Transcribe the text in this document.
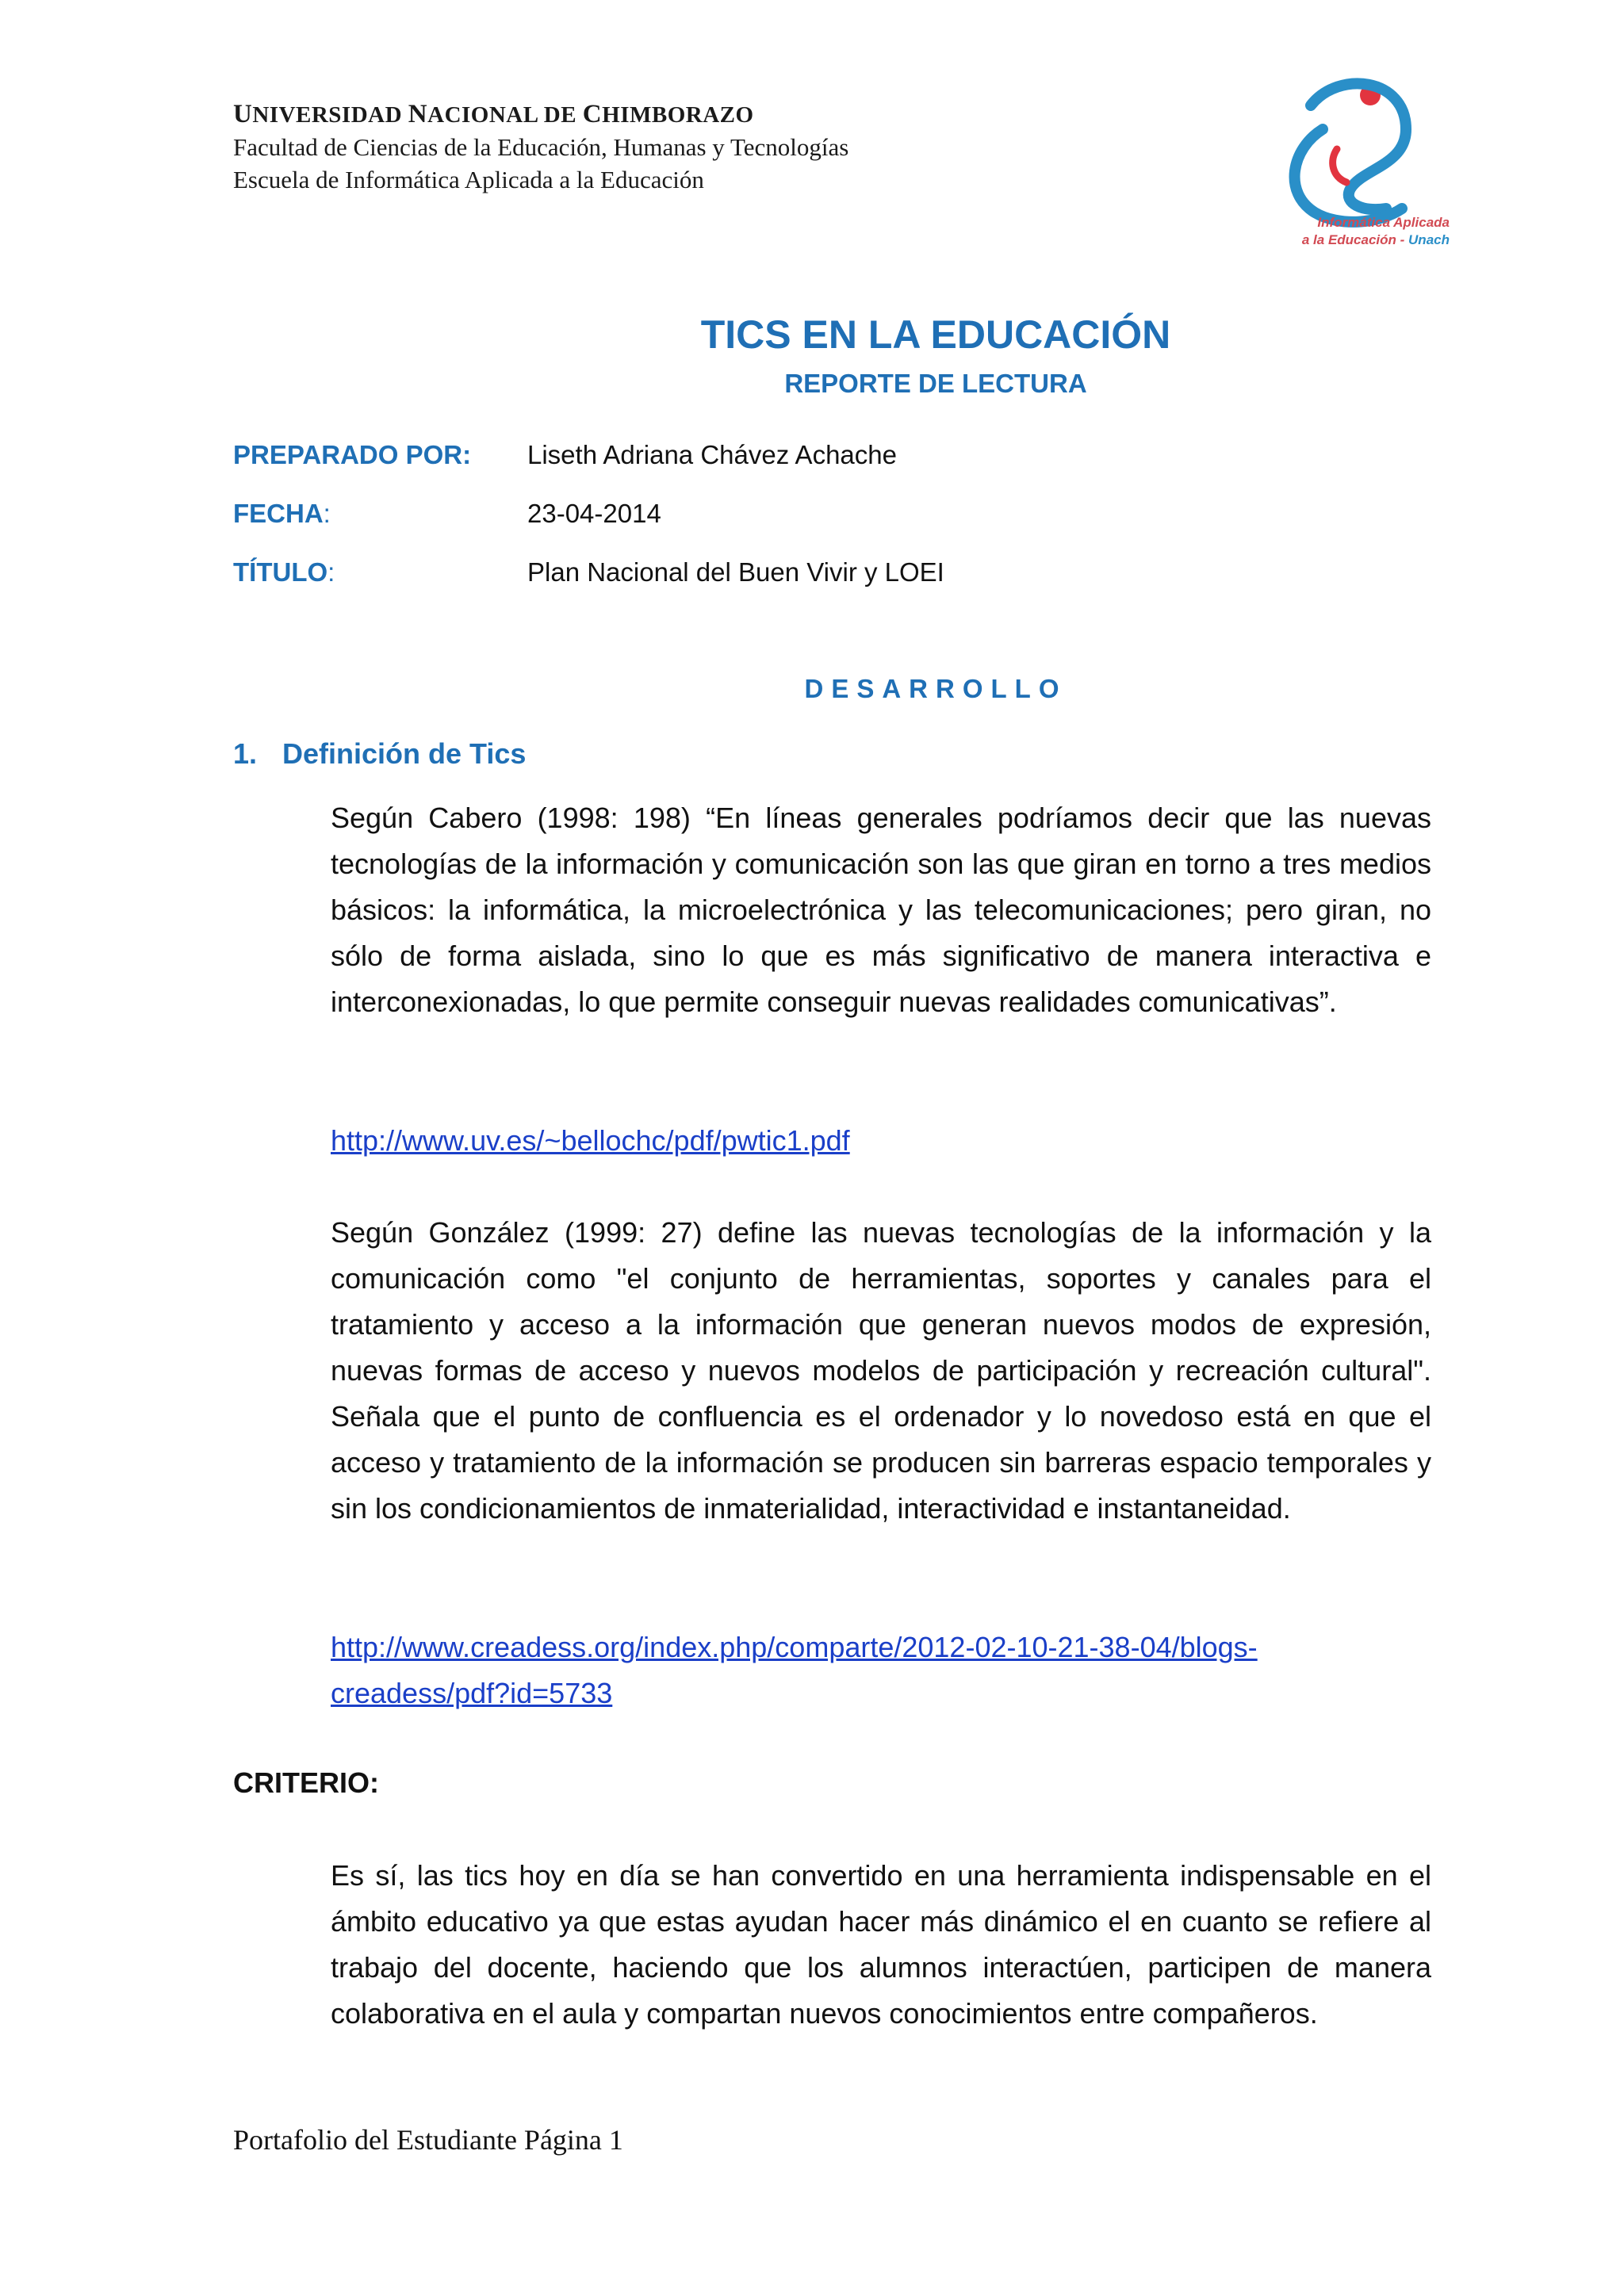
UNIVERSIDAD NACIONAL DE CHIMBORAZO
Facultad de Ciencias de la Educación, Humanas y Tecnologías
Escuela de Informática Aplicada a la Educación
Informática Aplicada
a la Educación - Unach
TICS EN LA EDUCACIÓN
REPORTE DE LECTURA
PREPARADO POR: Liseth Adriana Chávez Achache
FECHA:	23-04-2014
TÍTULO:	Plan Nacional del Buen Vivir y LOEI
DESARROLLO
1. Definición de Tics
Según Cabero (1998: 198) “En líneas generales podríamos decir que las nuevas tecnologías de la información y comunicación son las que giran en torno a tres medios básicos: la informática, la microelectrónica y las telecomunicaciones; pero giran, no sólo de forma aislada, sino lo que es más significativo de manera interactiva e interconexionadas, lo que permite conseguir nuevas realidades comunicativas”.
http://www.uv.es/~bellochc/pdf/pwtic1.pdf
Según González (1999: 27) define las nuevas tecnologías de la información y la comunicación como "el conjunto de herramientas, soportes y canales para el tratamiento y acceso a la información que generan nuevos modos de expresión, nuevas formas de acceso y nuevos modelos de participación y recreación cultural". Señala que el punto de confluencia es el ordenador y lo novedoso está en que el acceso y tratamiento de la información se producen sin barreras espacio temporales y sin los condicionamientos de inmaterialidad, interactividad e instantaneidad.
http://www.creadess.org/index.php/comparte/2012-02-10-21-38-04/blogs-
creadess/pdf?id=5733
CRITERIO:
Es sí, las tics hoy en día se han convertido en una herramienta indispensable en el ámbito educativo ya que estas ayudan hacer más dinámico el en cuanto se refiere al trabajo del docente, haciendo que los alumnos interactúen, participen de manera colaborativa en el aula y compartan nuevos conocimientos entre compañeros.
Portafolio del Estudiante Página 1
